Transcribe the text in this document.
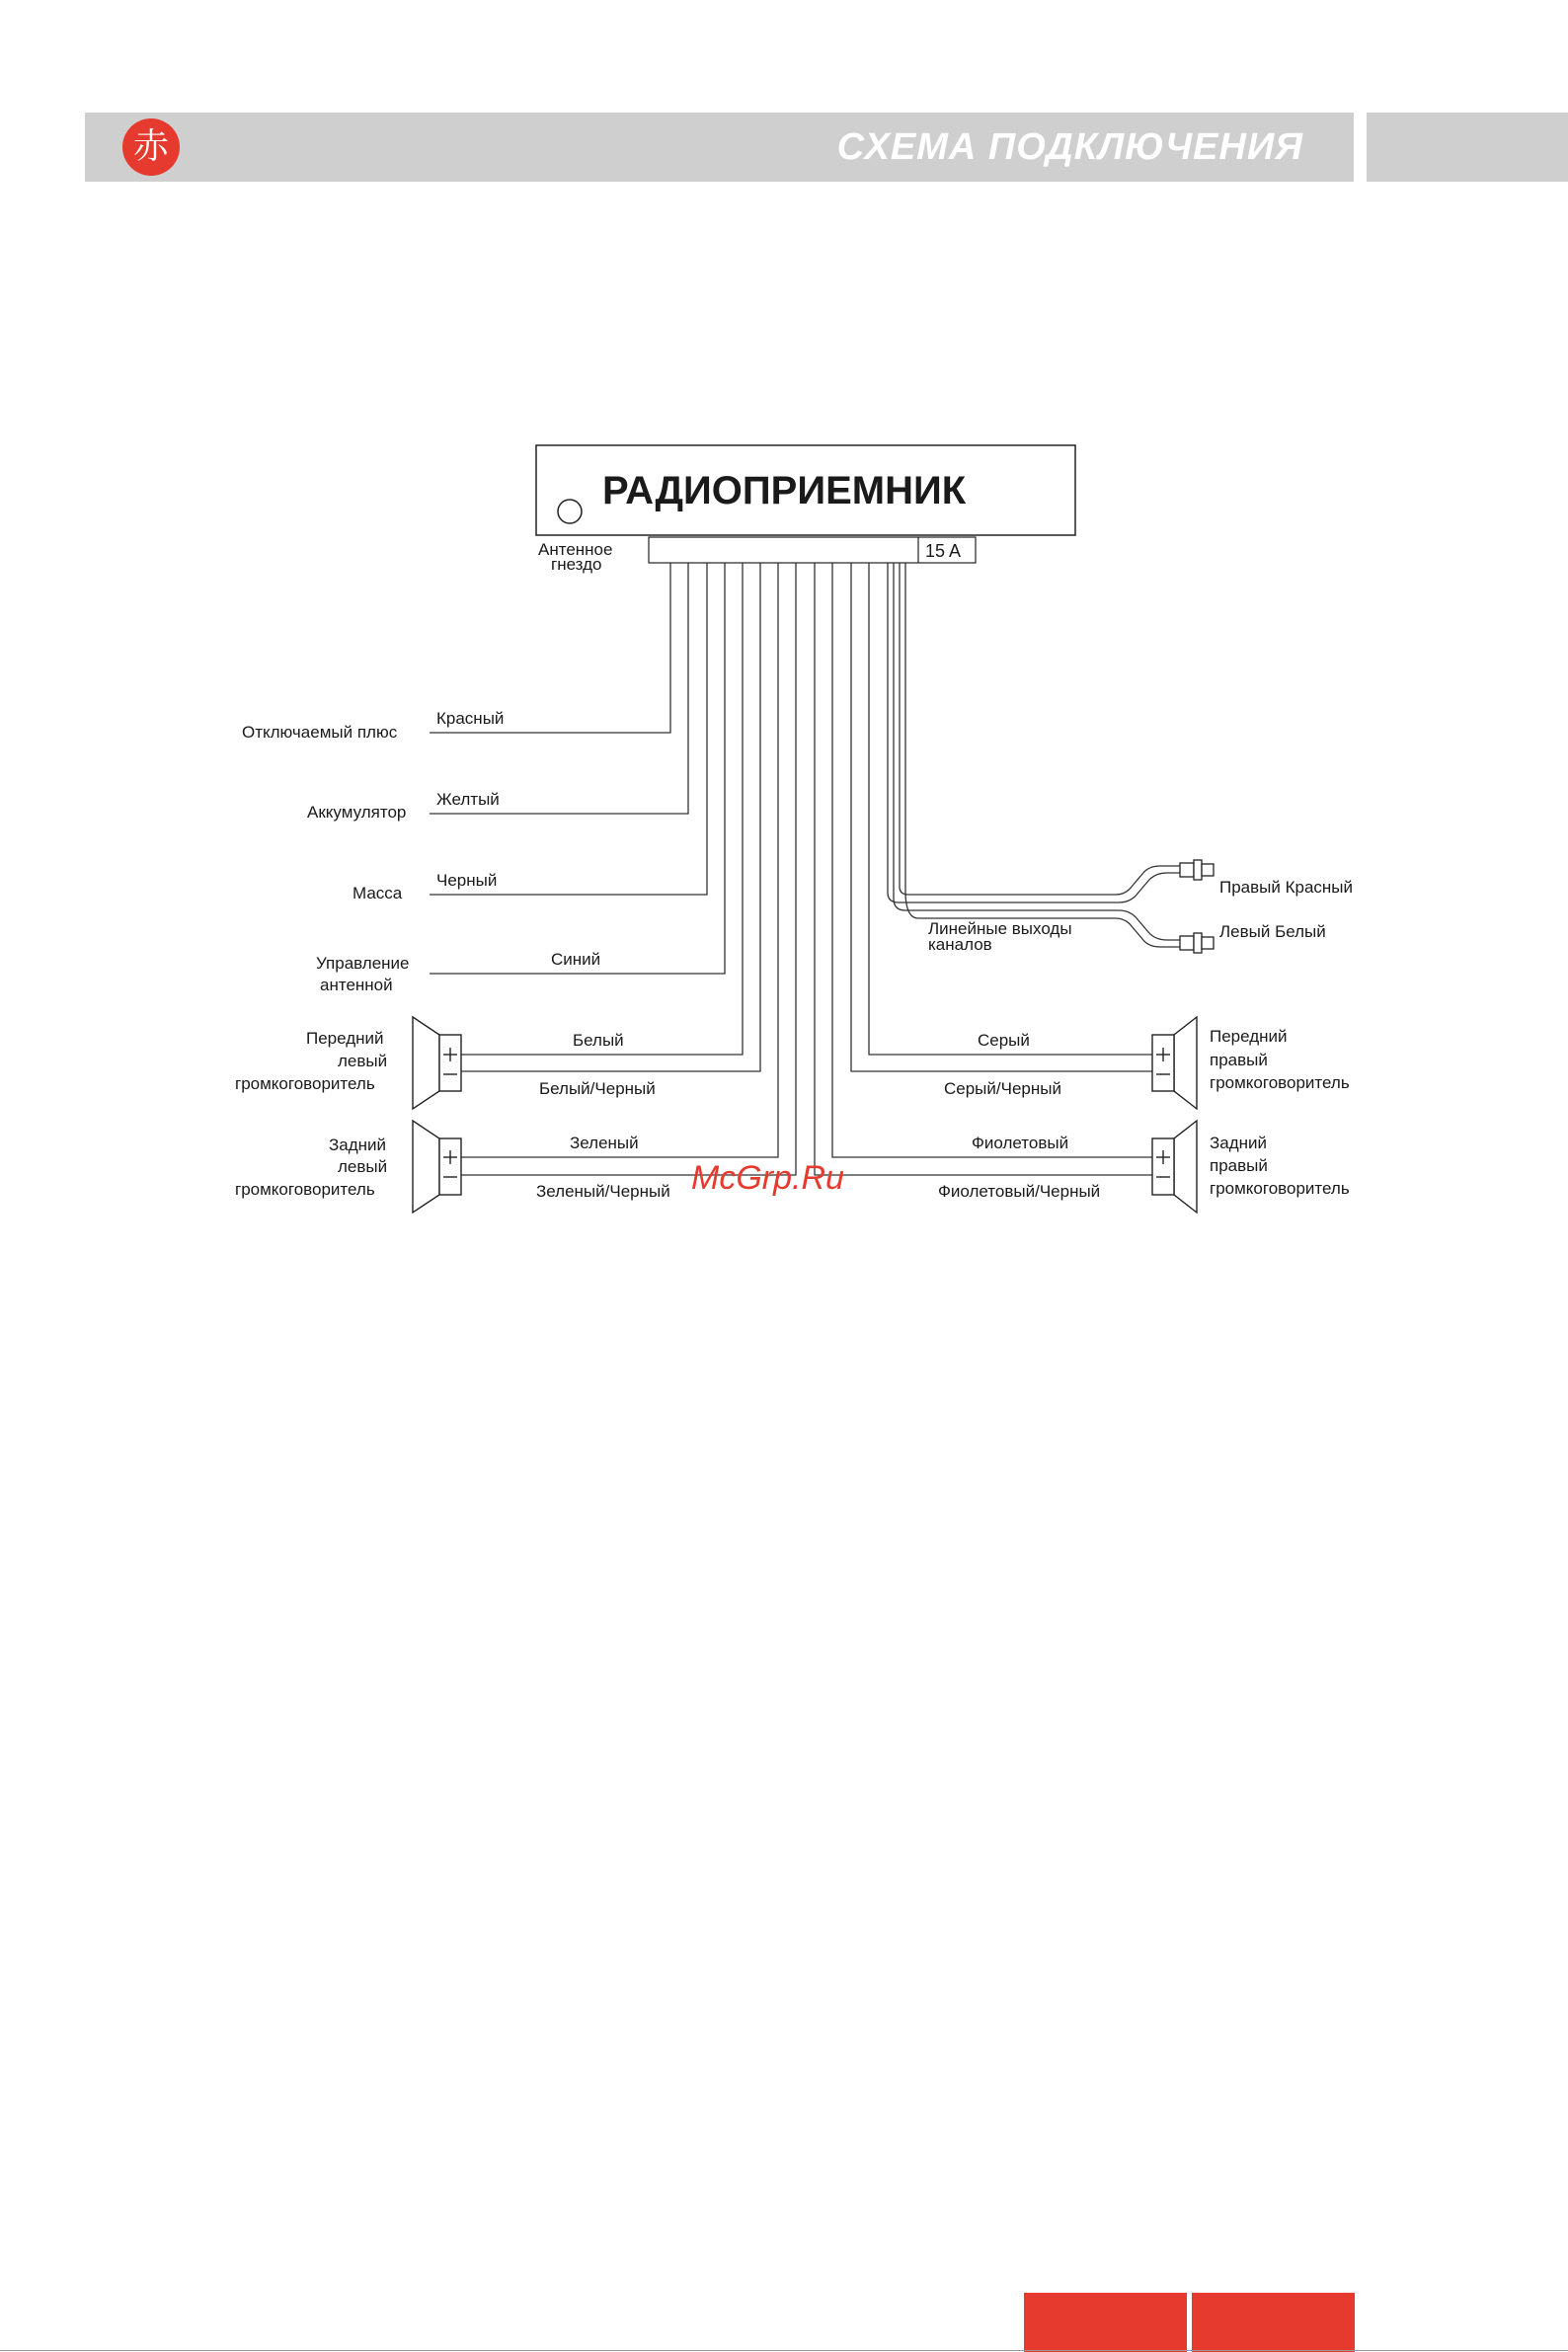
赤	СХЕМА ПОДКЛЮЧЕНИЯ
РАДИОПРИЕМНИК
15 A
Антенное
гнездо
Отключаемый плюс
Красный
Аккумулятор
Желтый
Масса
Черный
Управление
антенной
Синий
Передний
левый
громкоговоритель
Белый
Белый/Черный
Задний
левый
громкоговоритель
Зеленый
Зеленый/Черный
Серый
Серый/Черный
Передний
правый
громкоговоритель
Фиолетовый
Фиолетовый/Черный
Задний
правый
громкоговоритель
Линейные выходы
каналов
Правый Красный
Левый Белый
McGrp.Ru
